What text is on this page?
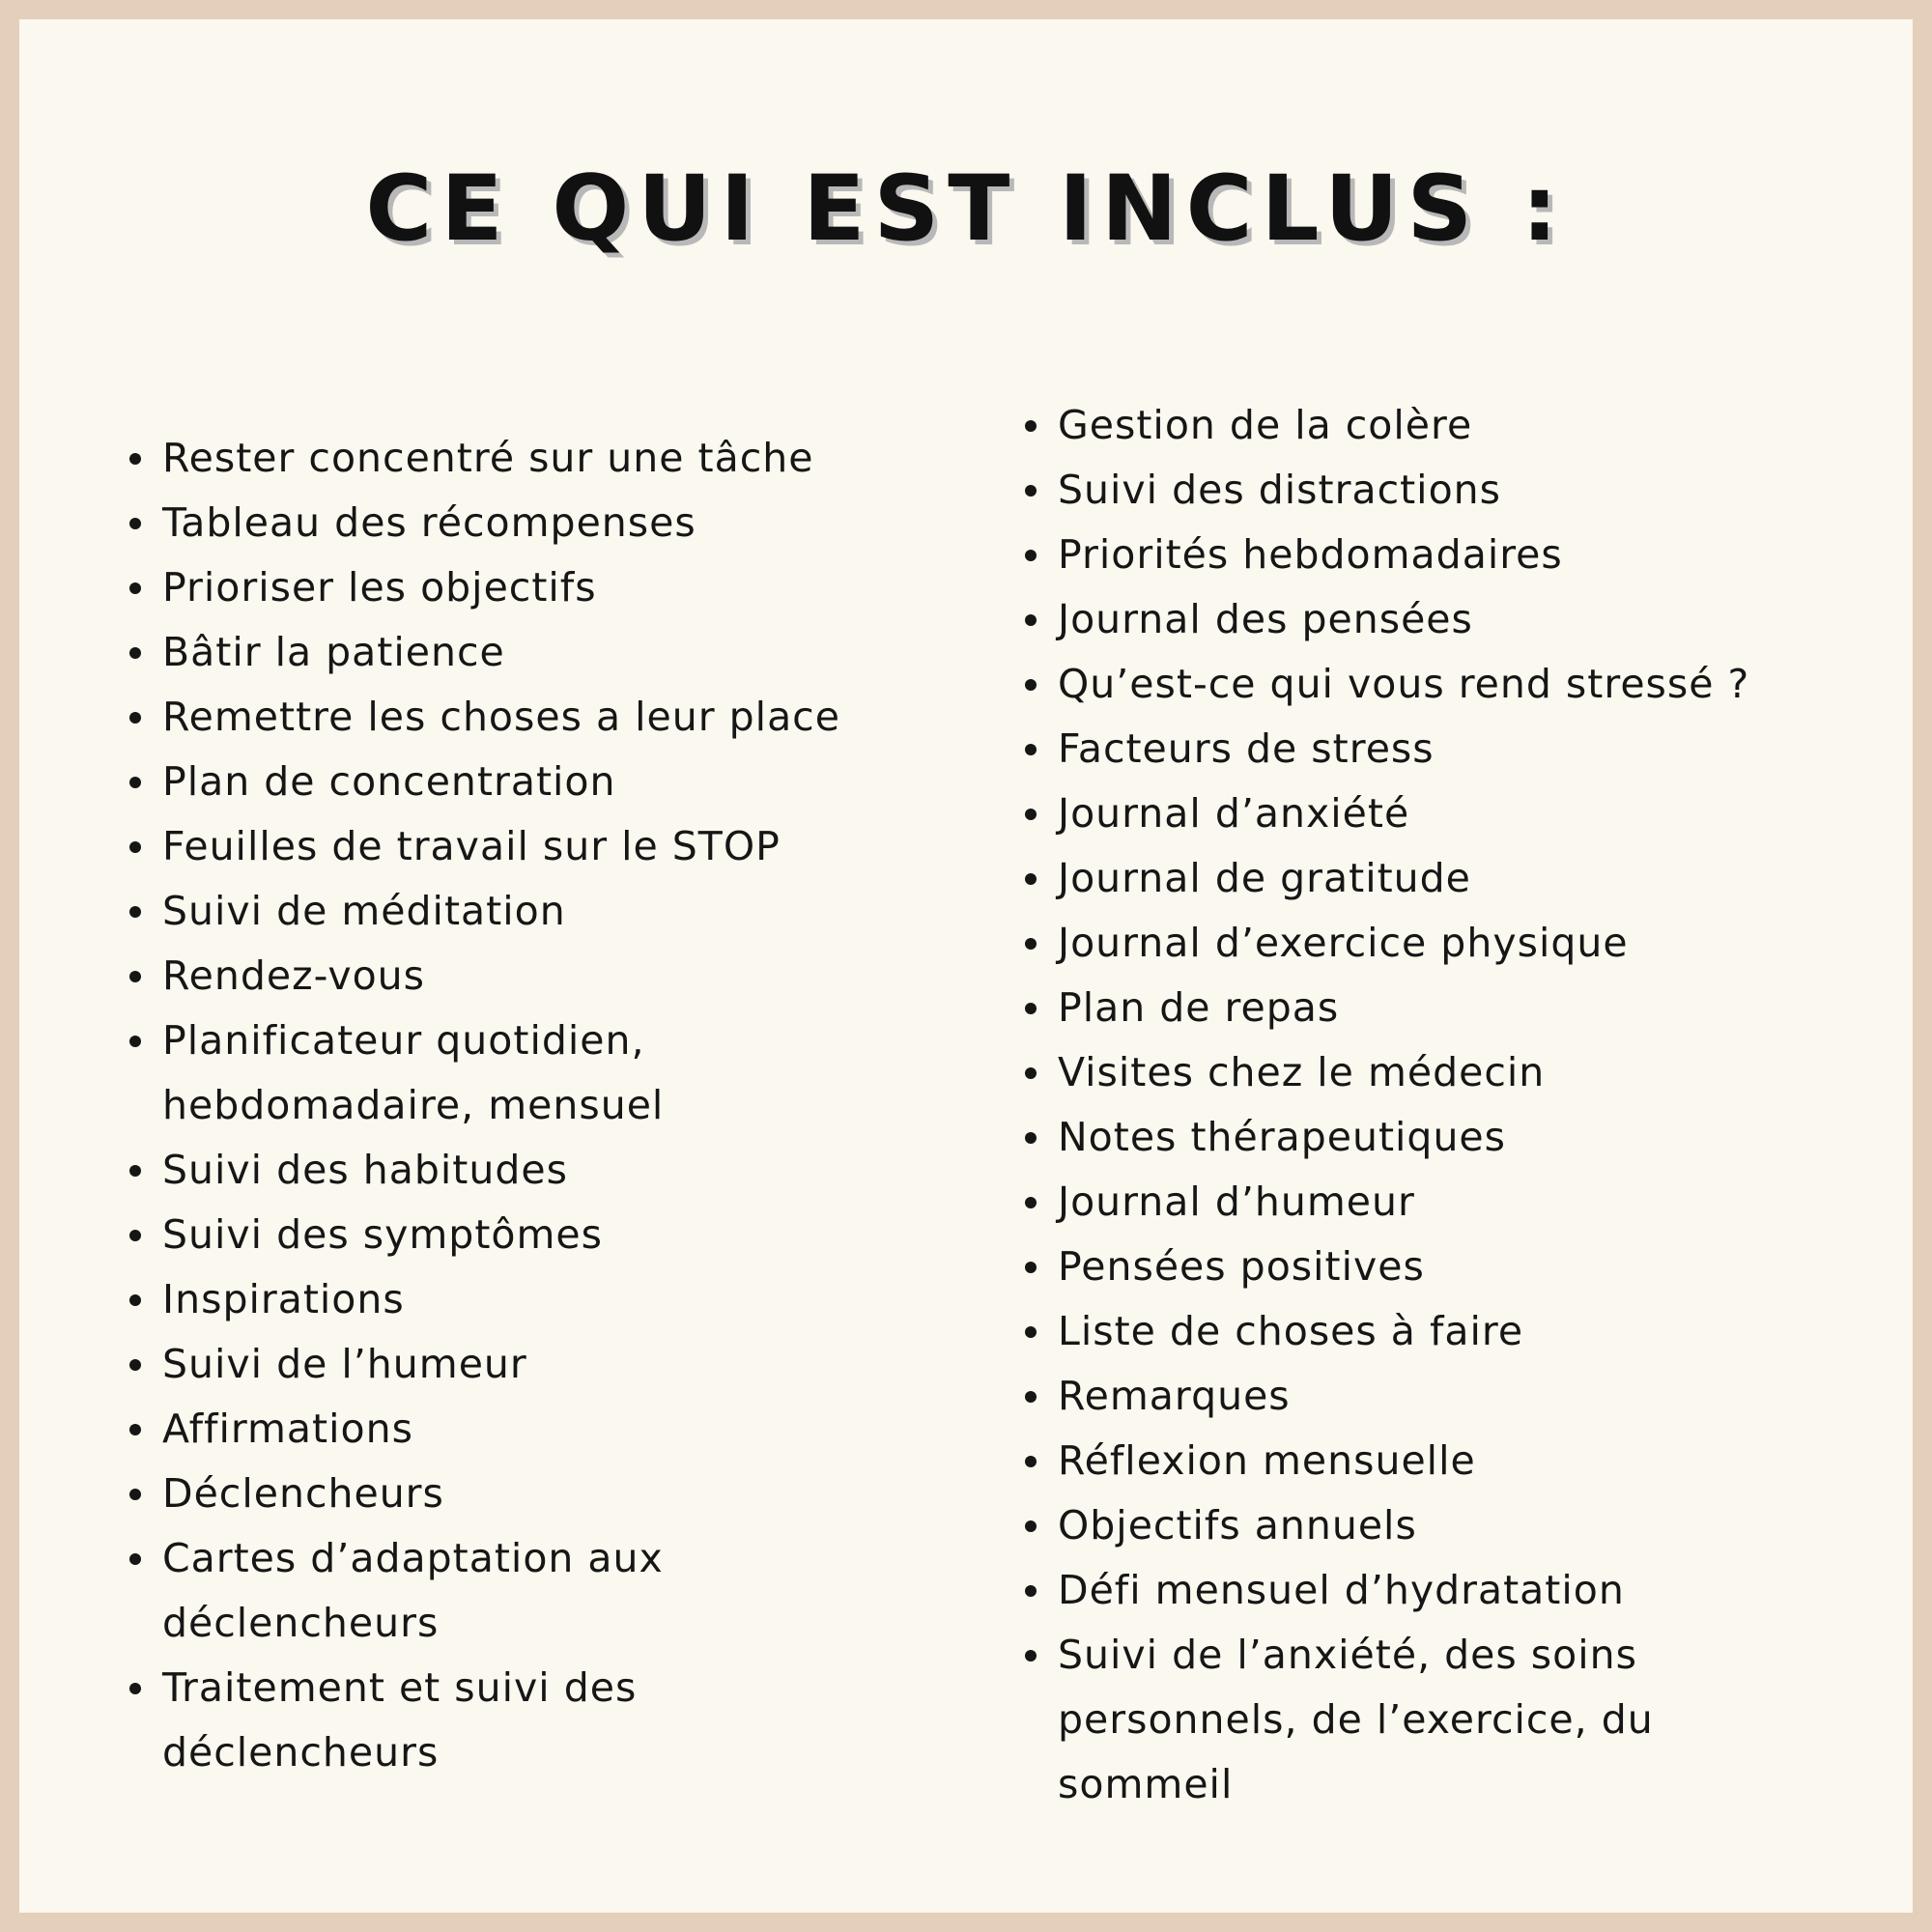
CE QUI EST INCLUS :
Rester concentré sur une tâche
Tableau des récompenses
Prioriser les objectifs
Bâtir la patience
Remettre les choses a leur place
Plan de concentration
Feuilles de travail sur le STOP
Suivi de méditation
Rendez-vous
Planificateur quotidien,
hebdomadaire, mensuel
Suivi des habitudes
Suivi des symptômes
Inspirations
Suivi de l’humeur
Affirmations
Déclencheurs
Cartes d’adaptation aux
déclencheurs
Traitement et suivi des
déclencheurs
Gestion de la colère
Suivi des distractions
Priorités hebdomadaires
Journal des pensées
Qu’est-ce qui vous rend stressé ?
Facteurs de stress
Journal d’anxiété
Journal de gratitude
Journal d’exercice physique
Plan de repas
Visites chez le médecin
Notes thérapeutiques
Journal d’humeur
Pensées positives
Liste de choses à faire
Remarques
Réflexion mensuelle
Objectifs annuels
Défi mensuel d’hydratation
Suivi de l’anxiété, des soins
personnels, de l’exercice, du
sommeil
